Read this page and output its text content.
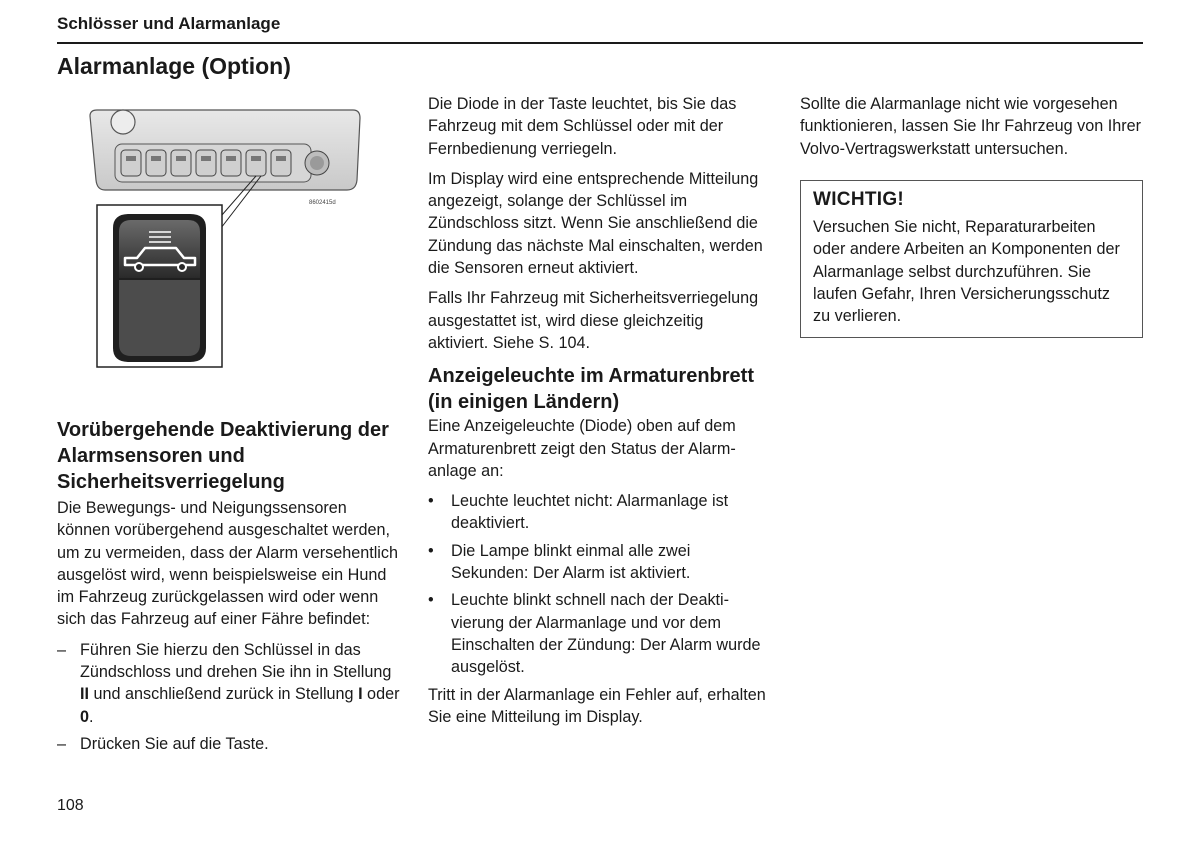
Schlösser und Alarmanlage
Alarmanlage (Option)
8602415d
Vorübergehende Deaktivierung der Alarmsensoren und Sicherheitsverriegelung

Die Bewegungs- und Neigungssensoren können vorübergehend ausgeschaltet werden, um zu vermeiden, dass der Alarm versehentlich ausgelöst wird, wenn beispielsweise ein Hund im Fahrzeug zurückgelassen wird oder wenn sich das Fahrzeug auf einer Fähre befindet:

– Führen Sie hierzu den Schlüssel in das Zündschloss und drehen Sie ihn in Stellung II und anschließend zurück in Stellung I oder 0.
– Drücken Sie auf die Taste.

Die Diode in der Taste leuchtet, bis Sie das Fahrzeug mit dem Schlüssel oder mit der Fernbedienung verriegeln.

Im Display wird eine entsprechende Mitteilung angezeigt, solange der Schlüssel im Zündschloss sitzt. Wenn Sie anschließend die Zündung das nächste Mal einschalten, werden die Sensoren erneut aktiviert.

Falls Ihr Fahrzeug mit Sicherheitsverriegelung ausgestattet ist, wird diese gleichzeitig aktiviert. Siehe S. 104.

Anzeigeleuchte im Armaturenbrett (in einigen Ländern)

Eine Anzeigeleuchte (Diode) oben auf dem Armaturenbrett zeigt den Status der Alarmanlage an:

• Leuchte leuchtet nicht: Alarmanlage ist deaktiviert.
• Die Lampe blinkt einmal alle zwei Sekunden: Der Alarm ist aktiviert.
• Leuchte blinkt schnell nach der Deaktivierung der Alarmanlage und vor dem Einschalten der Zündung: Der Alarm wurde ausgelöst.

Tritt in der Alarmanlage ein Fehler auf, erhalten Sie eine Mitteilung im Display.

Sollte die Alarmanlage nicht wie vorgesehen funktionieren, lassen Sie Ihr Fahrzeug von Ihrer Volvo-Vertragswerkstatt untersuchen.

WICHTIG!
Versuchen Sie nicht, Reparaturarbeiten oder andere Arbeiten an Komponenten der Alarmanlage selbst durchzuführen. Sie laufen Gefahr, Ihren Versicherungsschutz zu verlieren.
108
